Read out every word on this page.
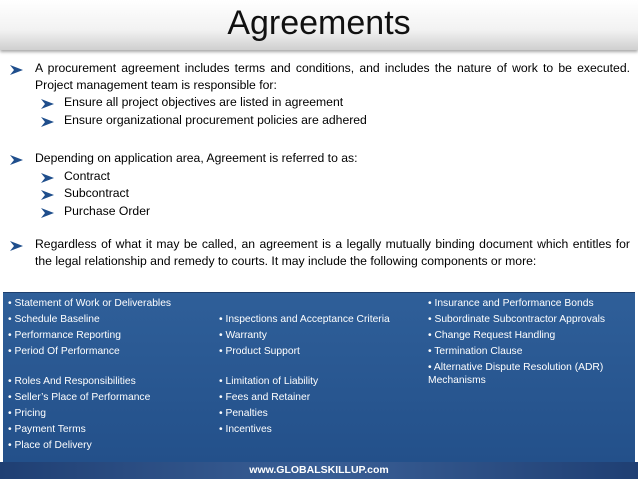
Agreements
A procurement agreement includes terms and conditions, and includes the nature of work to be executed. Project management team is responsible for:
Ensure all project objectives are listed in agreement
Ensure organizational procurement policies are adhered
Depending on application area, Agreement is referred to as:
Contract
Subcontract
Purchase Order
Regardless of what it may be called, an agreement is a legally mutually binding document which entitles for the legal relationship and remedy to courts. It may include the following components or more:
• Statement of Work or Deliverables
• Schedule Baseline
• Performance Reporting
• Period Of Performance
• Roles And Responsibilities
• Seller’s Place of Performance
• Pricing
• Payment Terms
• Place of Delivery
• Inspections and Acceptance Criteria
• Warranty
• Product Support
• Limitation of Liability
• Fees and Retainer
• Penalties
• Incentives
• Insurance and Performance Bonds
• Subordinate Subcontractor Approvals
• Change Request Handling
• Termination Clause
• Alternative Dispute Resolution (ADR)
Mechanisms
www.GLOBALSKILLUP.com
